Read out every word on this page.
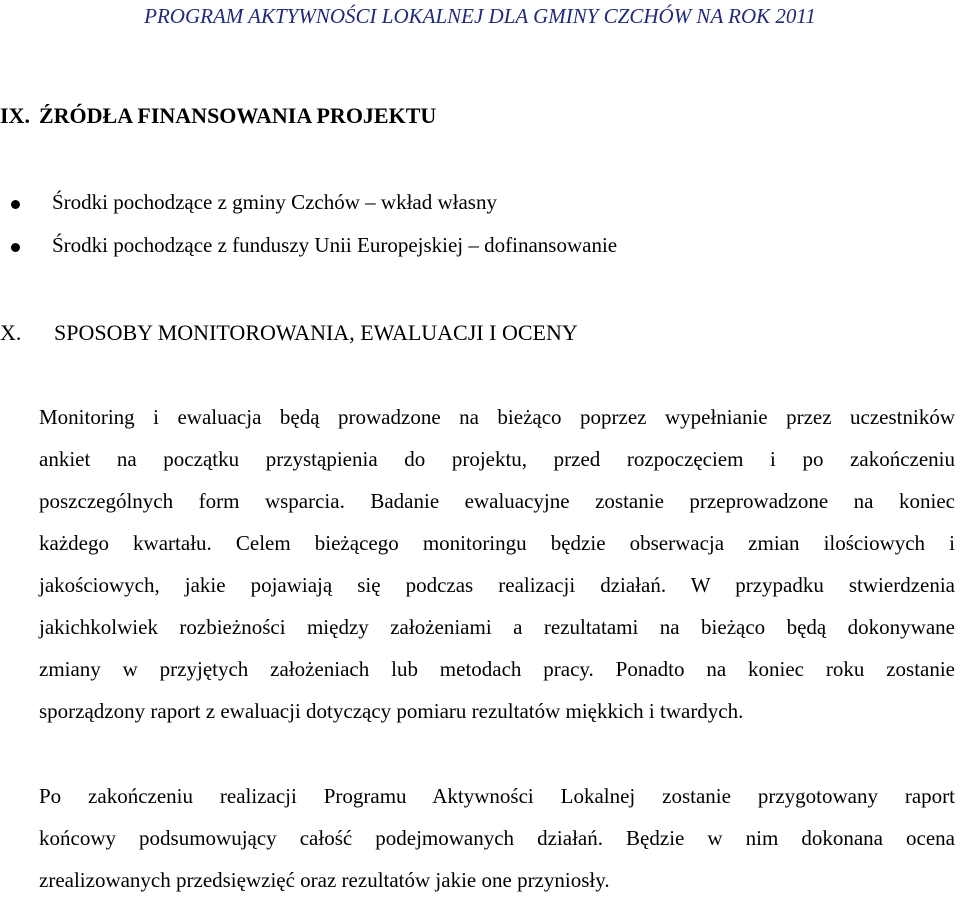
PROGRAM AKTYWNOŚCI LOKALNEJ DLA GMINY CZCHÓW NA ROK 2011
IX. ŹRÓDŁA FINANSOWANIA PROJEKTU
Środki pochodzące z gminy Czchów – wkład własny
Środki pochodzące z funduszy Unii Europejskiej – dofinansowanie
X. SPOSOBY MONITOROWANIA, EWALUACJI I OCENY

Monitoring i ewaluacja będą prowadzone na bieżąco poprzez wypełnianie przez uczestników
ankiet na początku przystąpienia do projektu, przed rozpoczęciem i po zakończeniu
poszczególnych form wsparcia. Badanie ewaluacyjne zostanie przeprowadzone na koniec
każdego kwartału. Celem bieżącego monitoringu będzie obserwacja zmian ilościowych i
jakościowych, jakie pojawiają się podczas realizacji działań. W przypadku stwierdzenia
jakichkolwiek rozbieżności między założeniami a rezultatami na bieżąco będą dokonywane
zmiany w przyjętych założeniach lub metodach pracy. Ponadto na koniec roku zostanie
sporządzony raport z ewaluacji dotyczący pomiaru rezultatów miękkich i twardych.

Po zakończeniu realizacji Programu Aktywności Lokalnej zostanie przygotowany raport
końcowy podsumowujący całość podejmowanych działań. Będzie w nim dokonana ocena
zrealizowanych przedsięwzięć oraz rezultatów jakie one przyniosły.
